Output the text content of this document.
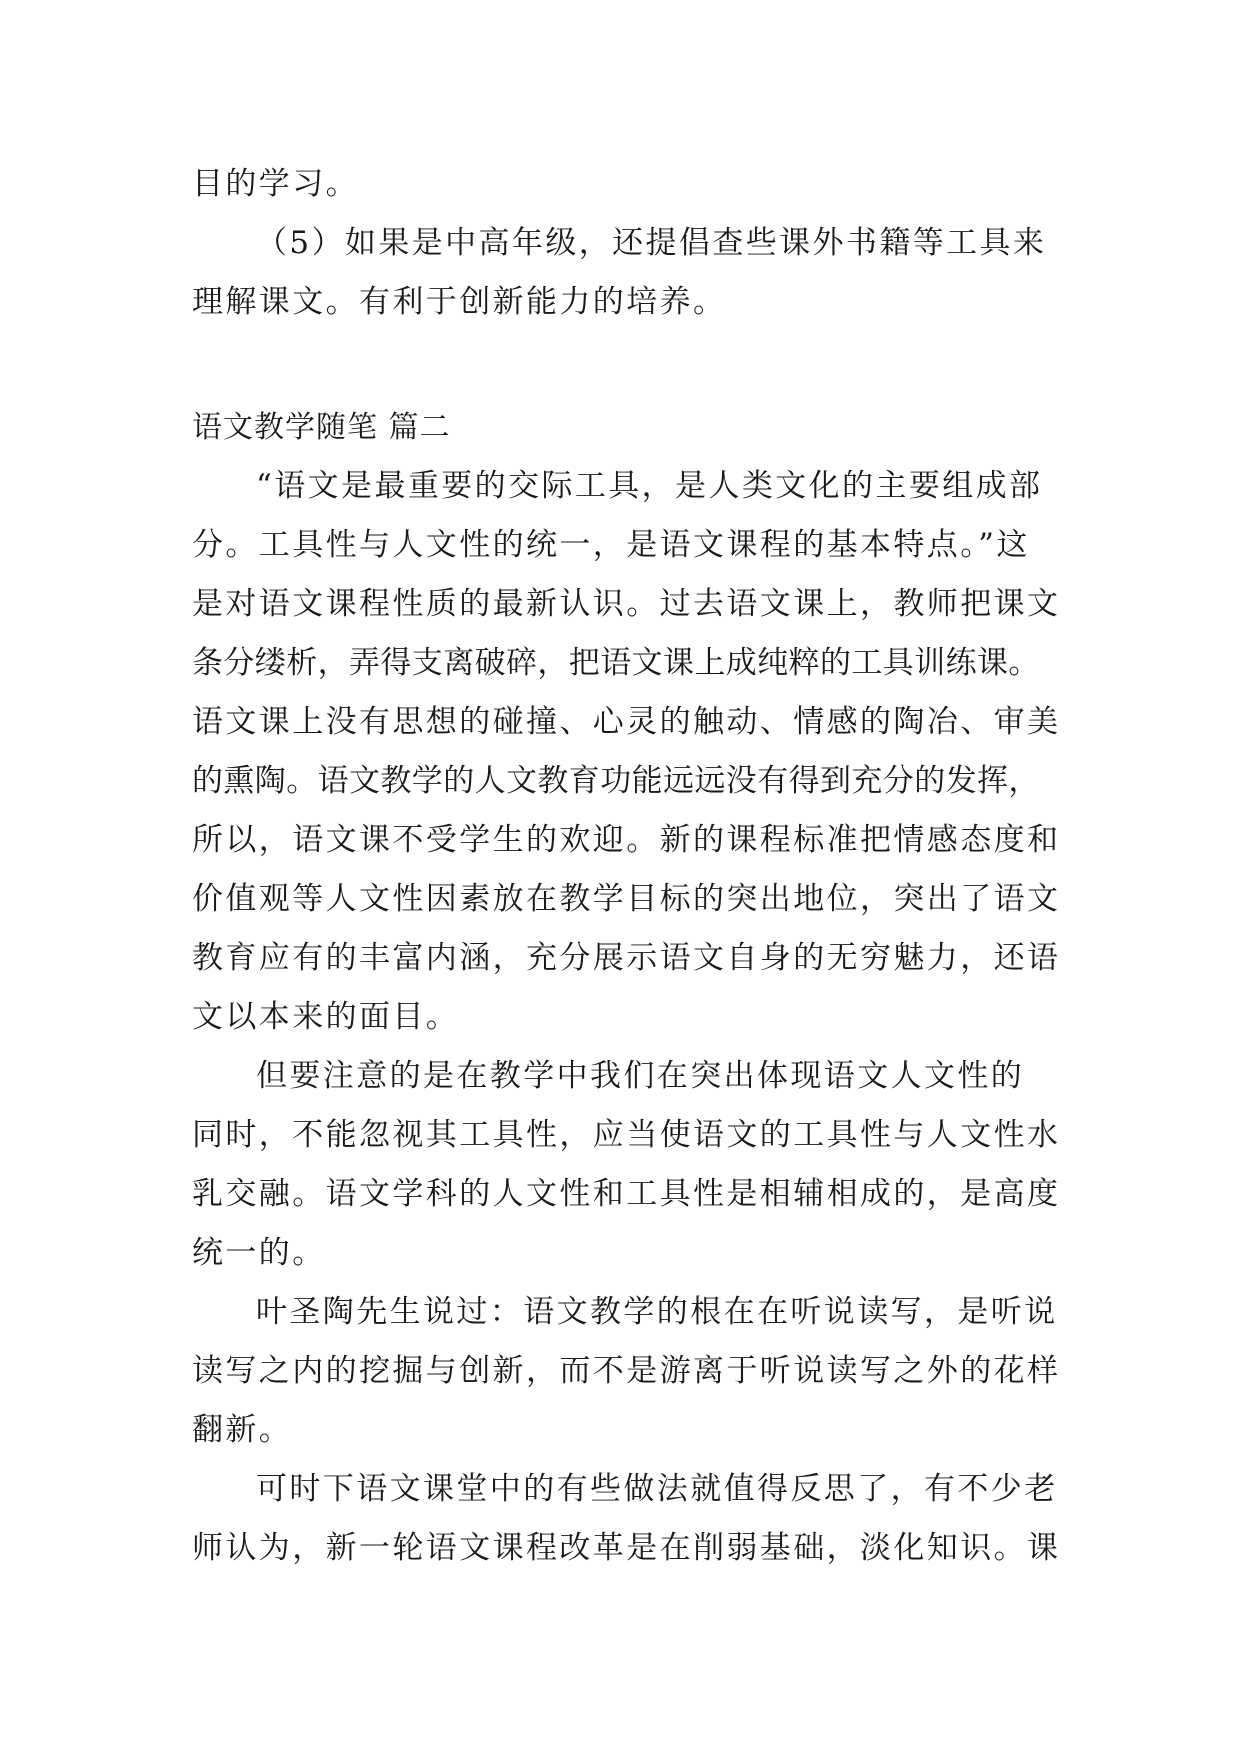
目的学习。
（5）如果是中高年级，还提倡查些课外书籍等工具来
理解课文。有利于创新能力的培养。
语文教学随笔 篇二
“语文是最重要的交际工具，是人类文化的主要组成部
分。工具性与人文性的统一，是语文课程的基本特点。”这
是对语文课程性质的最新认识。过去语文课上，教师把课文
条分缕析，弄得支离破碎，把语文课上成纯粹的工具训练课。
语文课上没有思想的碰撞、心灵的触动、情感的陶冶、审美
的熏陶。语文教学的人文教育功能远远没有得到充分的发挥，
所以，语文课不受学生的欢迎。新的课程标准把情感态度和
价值观等人文性因素放在教学目标的突出地位，突出了语文
教育应有的丰富内涵，充分展示语文自身的无穷魅力，还语
文以本来的面目。
但要注意的是在教学中我们在突出体现语文人文性的
同时，不能忽视其工具性，应当使语文的工具性与人文性水
乳交融。语文学科的人文性和工具性是相辅相成的，是高度
统一的。
叶圣陶先生说过：语文教学的根在在听说读写，是听说
读写之内的挖掘与创新，而不是游离于听说读写之外的花样
翻新。
可时下语文课堂中的有些做法就值得反思了，有不少老
师认为，新一轮语文课程改革是在削弱基础，淡化知识。课
